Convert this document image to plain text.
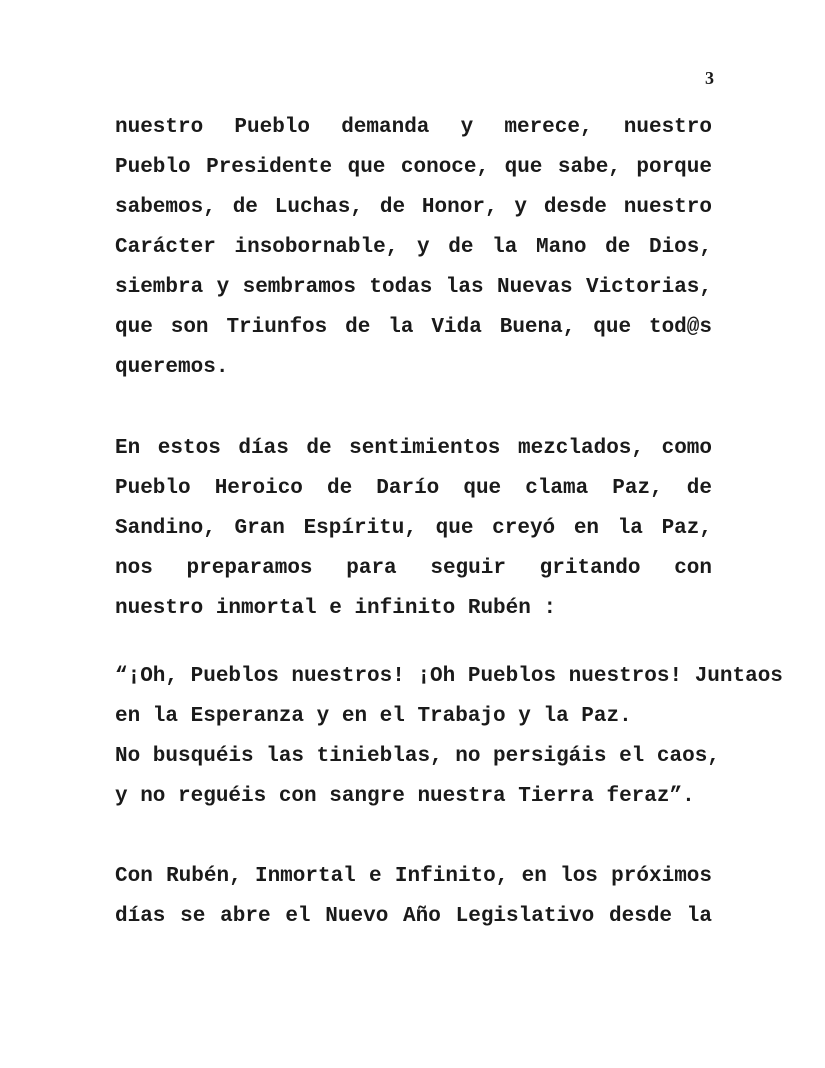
3
nuestro Pueblo demanda y merece, nuestro
Pueblo Presidente que conoce, que sabe, porque
sabemos, de Luchas, de Honor, y desde nuestro
Carácter insobornable, y de la Mano de Dios,
siembra y sembramos todas las Nuevas Victorias,
que son Triunfos de la Vida Buena, que tod@s
queremos.
En estos días de sentimientos mezclados, como
Pueblo Heroico de Darío que clama Paz, de
Sandino, Gran Espíritu, que creyó en la Paz,
nos preparamos para seguir gritando con
nuestro inmortal e infinito Rubén :
“¡Oh, Pueblos nuestros! ¡Oh Pueblos nuestros! Juntaos
en la Esperanza y en el Trabajo y la Paz.
No busquéis las tinieblas, no persigáis el caos,
y no reguéis con sangre nuestra Tierra feraz”.
Con Rubén, Inmortal e Infinito, en los próximos
días se abre el Nuevo Año Legislativo desde la
